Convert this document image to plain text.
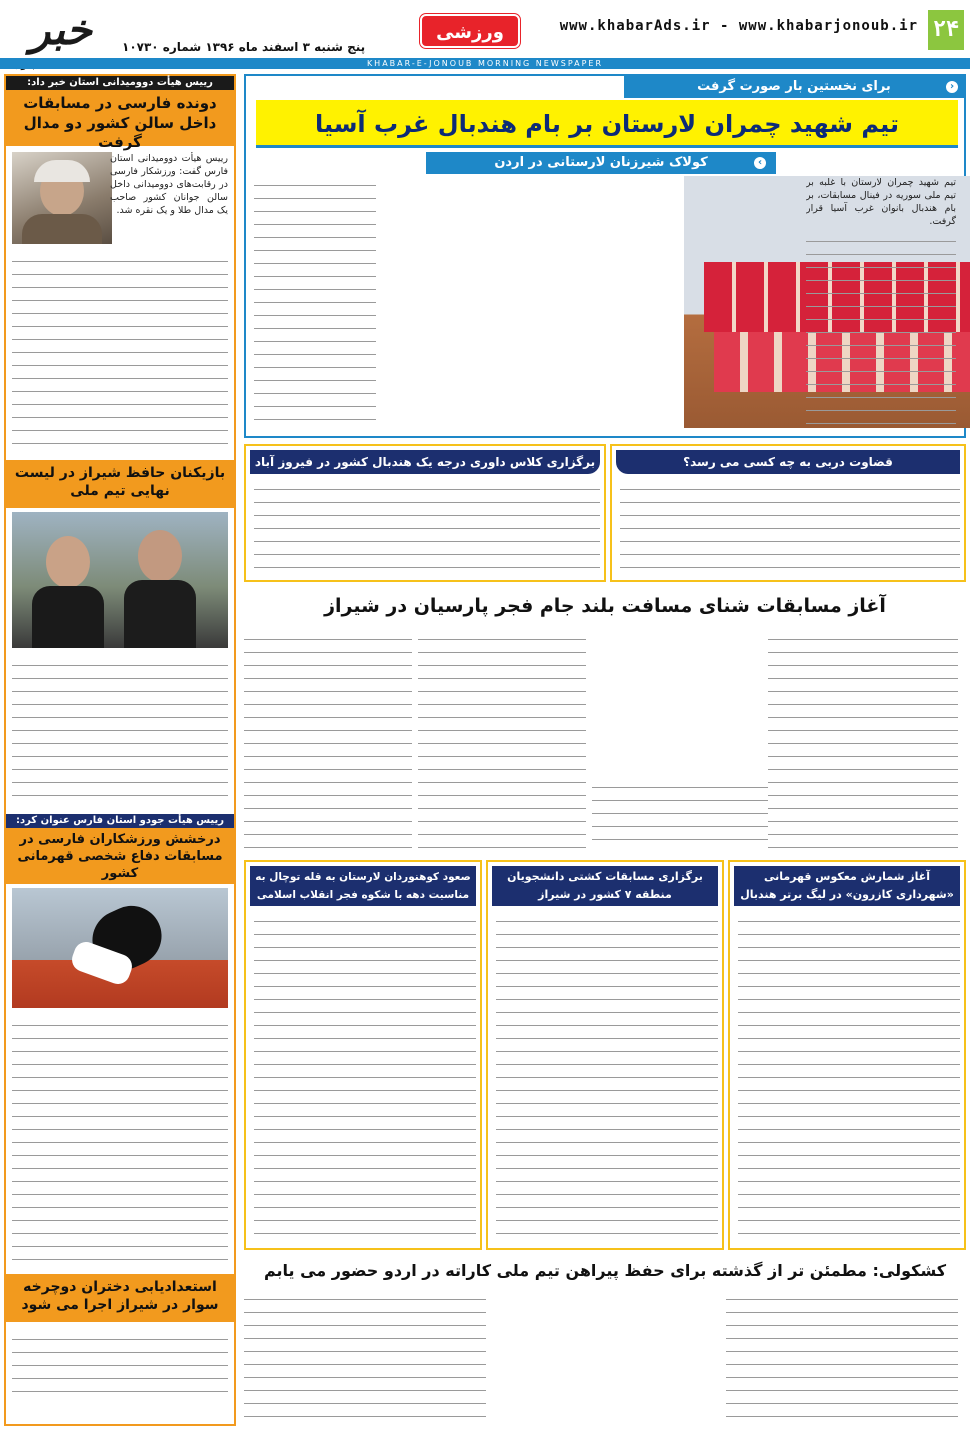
۲۴
www.khabarAds.ir - www.khabarjonoub.ir
ورزشی
خبر	پنج شنبه ۳ اسفند ماه ۱۳۹۶ شماره ۱۰۷۳۰
KHABAR-E-JONOUB MORNING NEWSPAPER
رییس هیأت دوومیدانی استان خبر داد:
دونده فارسی در مسابقات داخل سالن کشور دو مدال گرفت
رییس هیأت دوومیدانی استان فارس گفت: ورزشکار فارسی در رقابت‌های دوومیدانی داخل سالن جوانان کشور صاحب یک مدال طلا و یک نقره شد.
بازیکنان حافظ شیراز در لیست نهایی تیم ملی
رییس هیأت جودو استان فارس عنوان کرد:
درخشش ورزشکاران فارسی در مسابقات دفاع شخصی قهرمانی کشور
استعدادیابی دختران دوچرخه سوار در شیراز اجرا می شود
برای نخستین بار صورت گرفت	‹
تیم شهید چمران لارستان بر بام هندبال غرب آسیا
کولاک شیرزنان لارستانی در اردن	›
تیم شهید چمران لارستان با غلبه بر تیم ملی سوریه در فینال مسابقات، بر بام هندبال بانوان غرب آسیا قرار گرفت.
برگزاری کلاس داوری درجه یک هندبال کشور در فیروز آباد	قضاوت دربی به چه کسی می رسد؟
آغاز مسابقات شنای مسافت بلند جام فجر پارسیان در شیراز
آغاز شمارش معکوس قهرمانی «شهرداری کازرون» در لیگ برتر هندبال
برگزاری مسابقات کشتی دانشجویان منطقه ۷ کشور در شیراز
صعود کوهنوردان لارستان به قله توچال به مناسبت دهه با شکوه فجر انقلاب اسلامی
کشکولی: مطمئن تر از گذشته برای حفظ پیراهن تیم ملی کاراته در اردو حضور می یابم
